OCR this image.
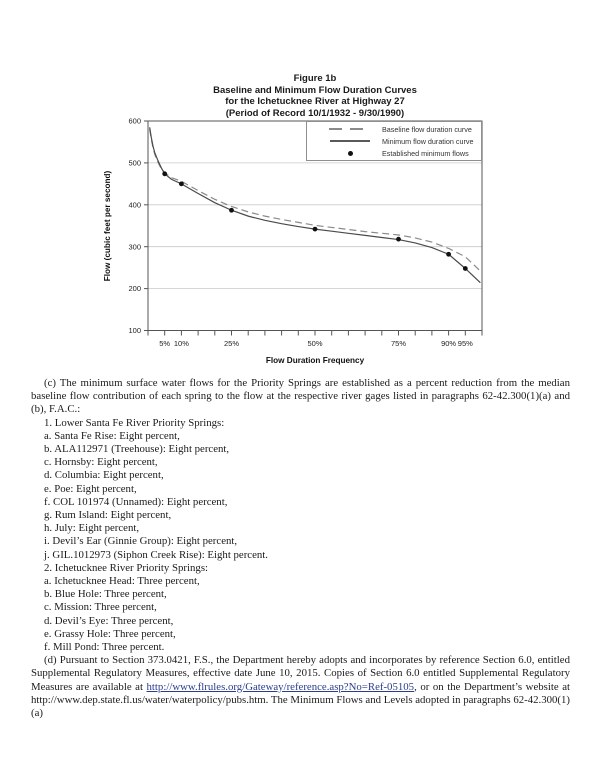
Figure 1b
Baseline and Minimum Flow Duration Curves
for the Ichetucknee River at Highway 27
(Period of Record 10/1/1932 - 9/30/1990)
Flow (cubic feet per second)
Flow Duration Frequency
100
200
300
400
500
600
5% 10%	25%	50%	75%	90% 95%
Baseline flow duration curve
Minimum flow duration curve
Established minimum flows

(c) The minimum surface water flows for the Priority Springs are established as a percent reduction from the median baseline flow contribution of each spring to the flow at the respective river gages listed in paragraphs 62-42.300(1)(a) and (b), F.A.C.:

1. Lower Santa Fe River Priority Springs:
a. Santa Fe Rise: Eight percent,
b. ALA112971 (Treehouse): Eight percent,
c. Hornsby: Eight percent,
d. Columbia: Eight percent,
e. Poe: Eight percent,
f. COL 101974 (Unnamed): Eight percent,
g. Rum Island: Eight percent,
h. July: Eight percent,
i. Devil’s Ear (Ginnie Group): Eight percent,
j. GIL.1012973 (Siphon Creek Rise): Eight percent.
2. Ichetucknee River Priority Springs:
a. Ichetucknee Head: Three percent,
b. Blue Hole: Three percent,
c. Mission: Three percent,
d. Devil’s Eye: Three percent,
e. Grassy Hole: Three percent,
f. Mill Pond: Three percent.

(d) Pursuant to Section 373.0421, F.S., the Department hereby adopts and incorporates by reference Section 6.0, entitled Supplemental Regulatory Measures, effective date June 10, 2015. Copies of Section 6.0 entitled Supplemental Regulatory Measures are available at http://www.flrules.org/Gateway/reference.asp?No=Ref-05105, or on the Department’s website at http://www.dep.state.fl.us/water/waterpolicy/pubs.htm. The Minimum Flows and Levels adopted in paragraphs 62-42.300(1)(a)
